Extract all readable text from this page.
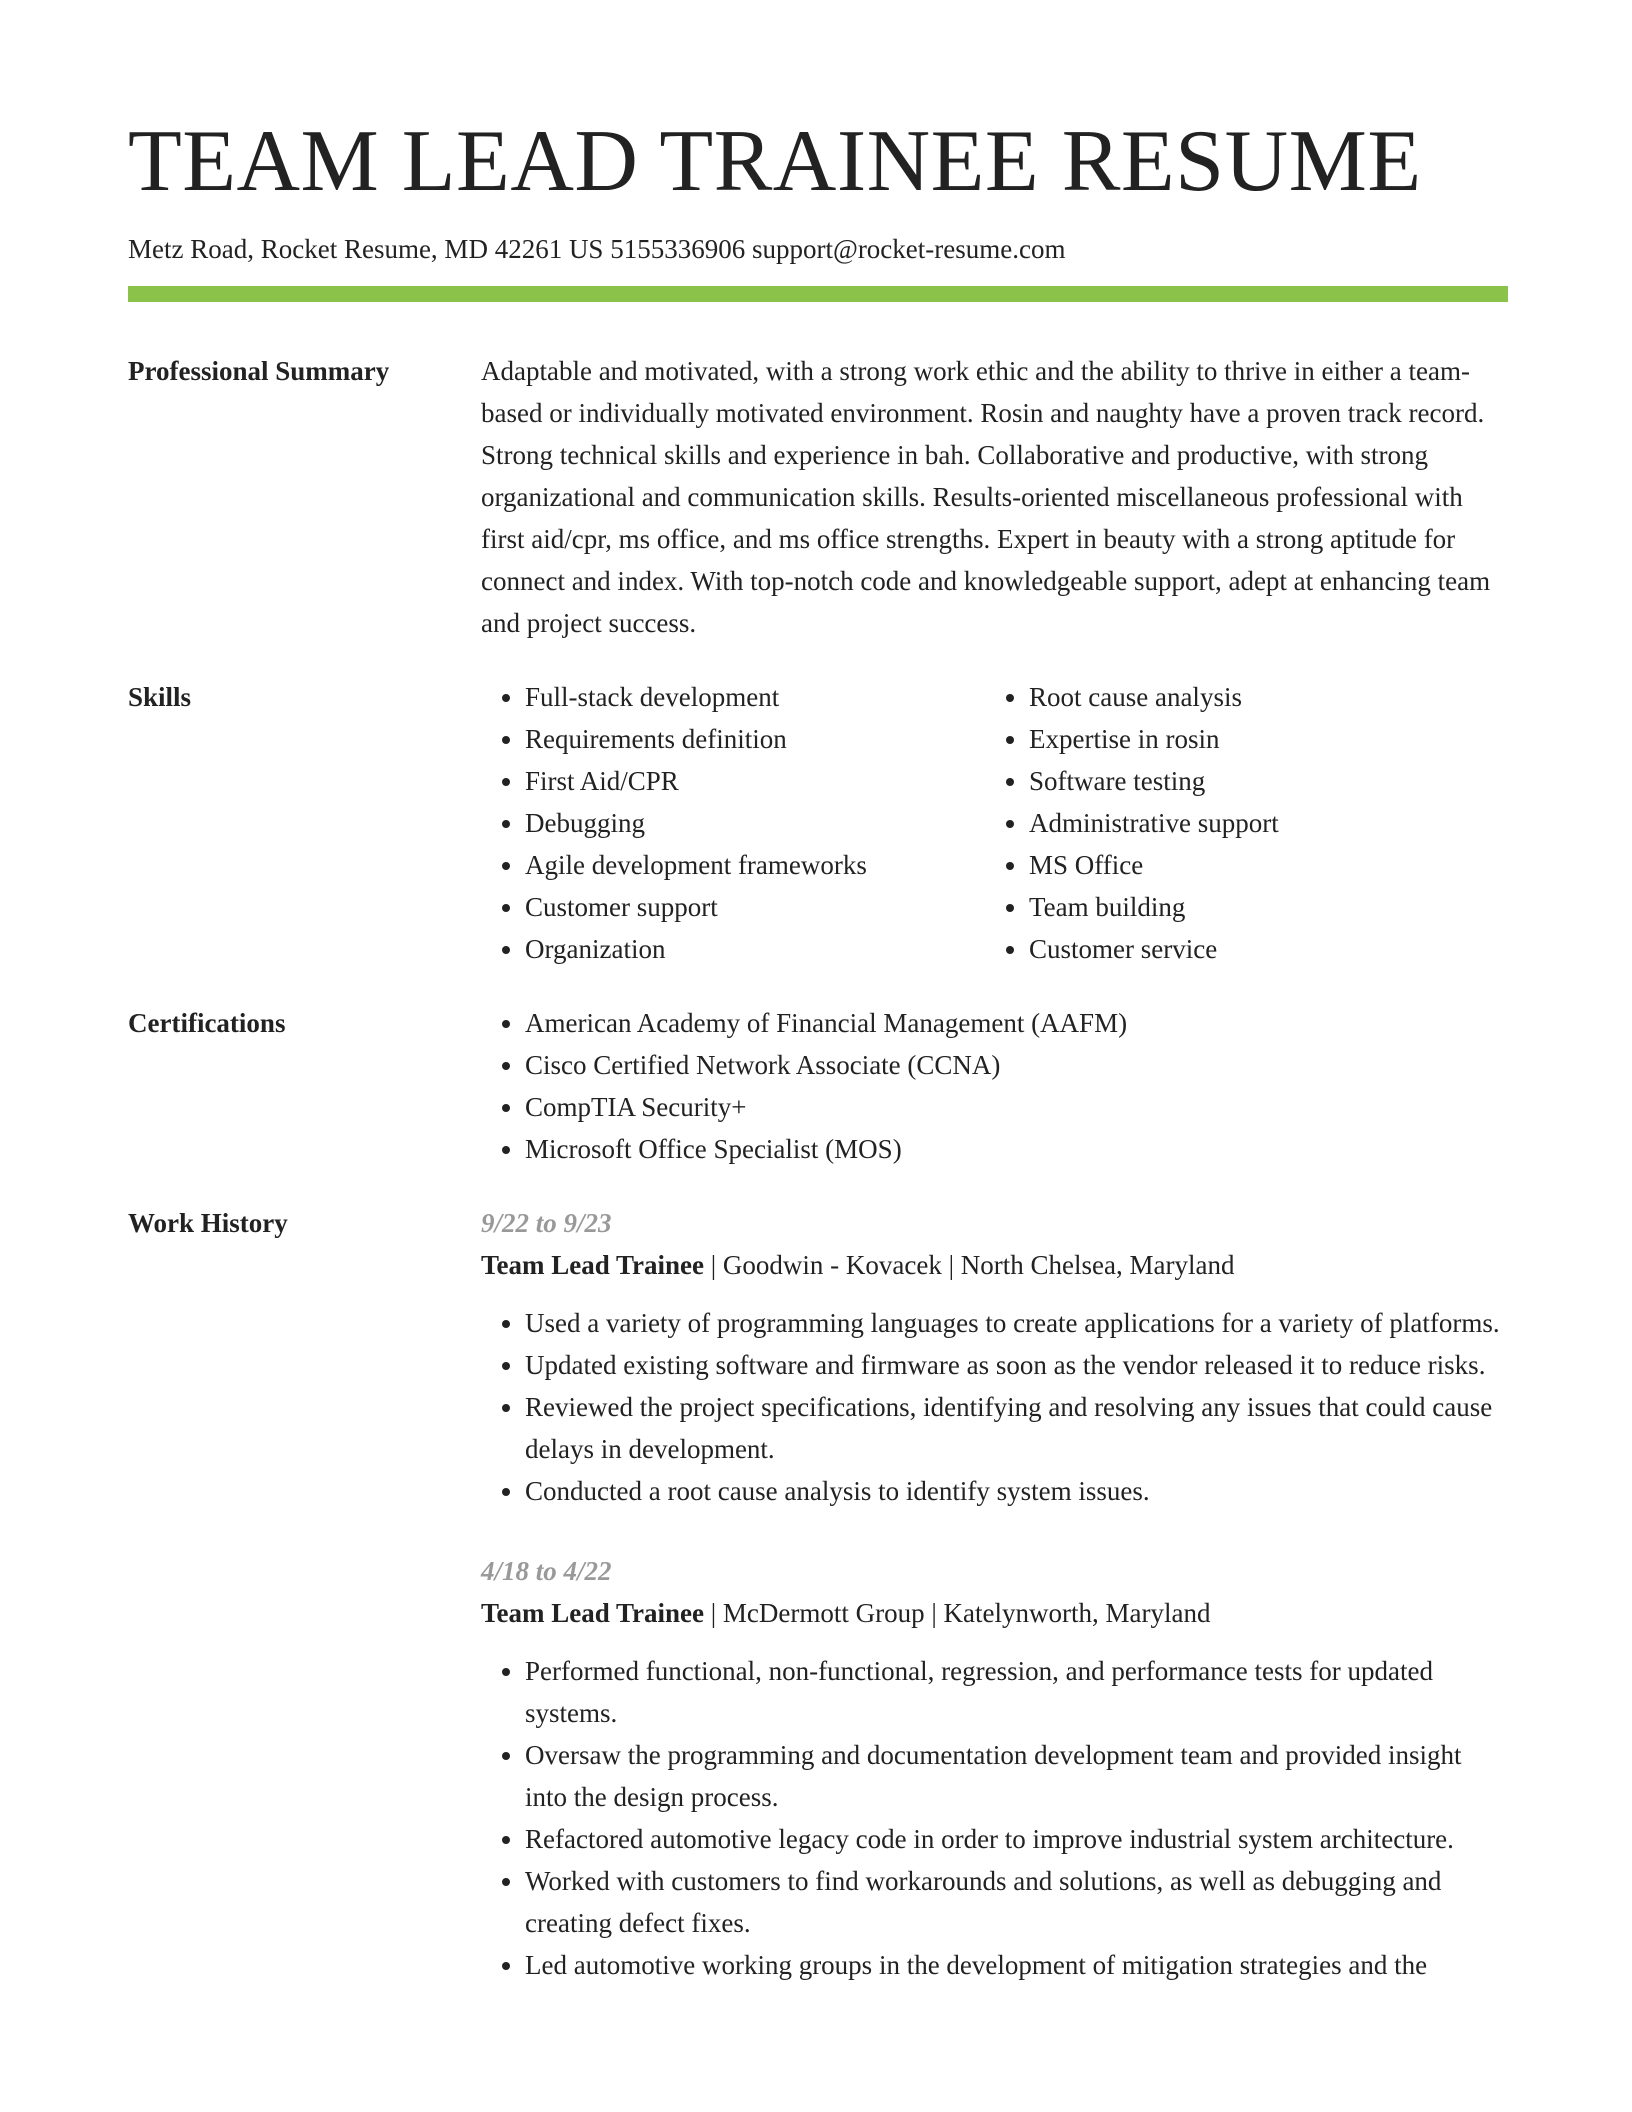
TEAM LEAD TRAINEE RESUME
Metz Road, Rocket Resume, MD 42261 US 5155336906 support@rocket-resume.com
Professional Summary	Adaptable and motivated, with a strong work ethic and the ability to thrive in either a team-based or individually motivated environment. Rosin and naughty have a proven track record. Strong technical skills and experience in bah. Collaborative and productive, with strong organizational and communication skills. Results-oriented miscellaneous professional with first aid/cpr, ms office, and ms office strengths. Expert in beauty with a strong aptitude for connect and index. With top-notch code and knowledgeable support, adept at enhancing team and project success.

Skills	• Full-stack development
• Requirements definition
• First Aid/CPR
• Debugging
• Agile development frameworks
• Customer support
• Organization
• Root cause analysis
• Expertise in rosin
• Software testing
• Administrative support
• MS Office
• Team building
• Customer service
Certifications	• American Academy of Financial Management (AAFM)
• Cisco Certified Network Associate (CCNA)
• CompTIA Security+
• Microsoft Office Specialist (MOS)
Work History	9/22 to 9/23
Team Lead Trainee | Goodwin - Kovacek | North Chelsea, Maryland
• Used a variety of programming languages to create applications for a variety of platforms.
• Updated existing software and firmware as soon as the vendor released it to reduce risks.
• Reviewed the project specifications, identifying and resolving any issues that could cause delays in development.
• Conducted a root cause analysis to identify system issues.
4/18 to 4/22
Team Lead Trainee | McDermott Group | Katelynworth, Maryland
• Performed functional, non-functional, regression, and performance tests for updated systems.
• Oversaw the programming and documentation development team and provided insight into the design process.
• Refactored automotive legacy code in order to improve industrial system architecture.
• Worked with customers to find workarounds and solutions, as well as debugging and creating defect fixes.
• Led automotive working groups in the development of mitigation strategies and the
